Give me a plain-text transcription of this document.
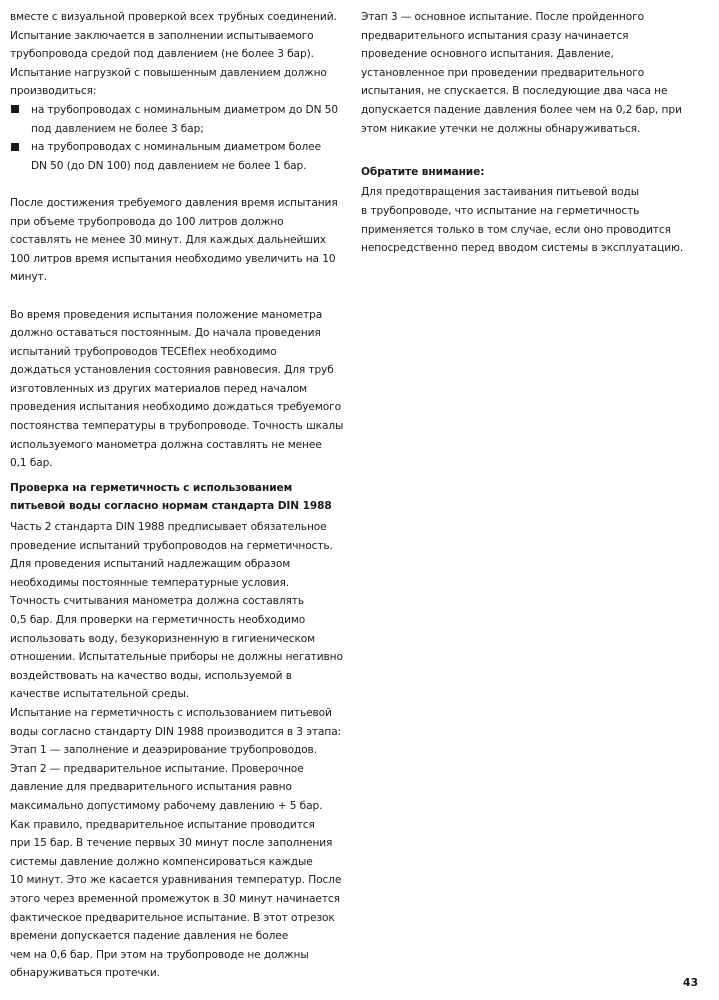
вместе с визуальной проверкой всех трубных соединений.

Испытание заключается в заполнении испытываемого

трубопровода средой под давлением (не более 3 бар).

Испытание нагрузкой с повышенным давлением должно

производиться:

на трубопроводах с номинальным диаметром до DN 50

под давлением не более 3 бар;

на трубопроводах с номинальным диаметром более

DN 50 (до DN 100) под давлением не более 1 бар.

После достижения требуемого давления время испытания

при объеме трубопровода до 100 литров должно

составлять не менее 30 минут. Для каждых дальнейших

100 литров время испытания необходимо увеличить на 10

минут.

Во время проведения испытания положение манометра

должно оставаться постоянным. До начала проведения

испытаний трубопроводов TECEflex необходимо

дождаться установления состояния равновесия. Для труб

изготовленных из других материалов перед началом

проведения испытания необходимо дождаться требуемого

постоянства температуры в трубопроводе. Точность шкалы

используемого манометра должна составлять не менее

0,1 бар.

Проверка на герметичность с использованием

питьевой воды согласно нормам стандарта DIN 1988

Часть 2 стандарта DIN 1988 предписывает обязательное

проведение испытаний трубопроводов на герметичность.

Для проведения испытаний надлежащим образом

необходимы постоянные температурные условия.

Точность считывания манометра должна составлять

0,5 бар. Для проверки на герметичность необходимо

использовать воду, безукоризненную в гигиеническом

отношении. Испытательные приборы не должны негативно

воздействовать на качество воды, используемой в

качестве испытательной среды.

Испытание на герметичность с использованием питьевой

воды согласно стандарту DIN 1988 производится в 3 этапа:

Этап 1 — заполнение и деаэрирование трубопроводов.

Этап 2 — предварительное испытание. Проверочное

давление для предварительного испытания равно

максимально допустимому рабочему давлению + 5 бар.

Как правило, предварительное испытание проводится

при 15 бар. В течение первых 30 минут после заполнения

системы давление должно компенсироваться каждые

10 минут. Это же касается уравнивания температур. После

этого через временной промежуток в 30 минут начинается

фактическое предварительное испытание. В этот отрезок

времени допускается падение давления не более

чем на 0,6 бар. При этом на трубопроводе не должны

обнаруживаться протечки.

Этап 3 — основное испытание. После пройденного

предварительного испытания сразу начинается

проведение основного испытания. Давление,

установленное при проведении предварительного

испытания, не спускается. В последующие два часа не

допускается падение давления более чем на 0,2 бар, при

этом никакие утечки не должны обнаруживаться.

Обратите внимание:

Для предотвращения застаивания питьевой воды

в трубопроводе, что испытание на герметичность

применяется только в том случае, если оно проводится

непосредственно перед вводом системы в эксплуатацию.

43
